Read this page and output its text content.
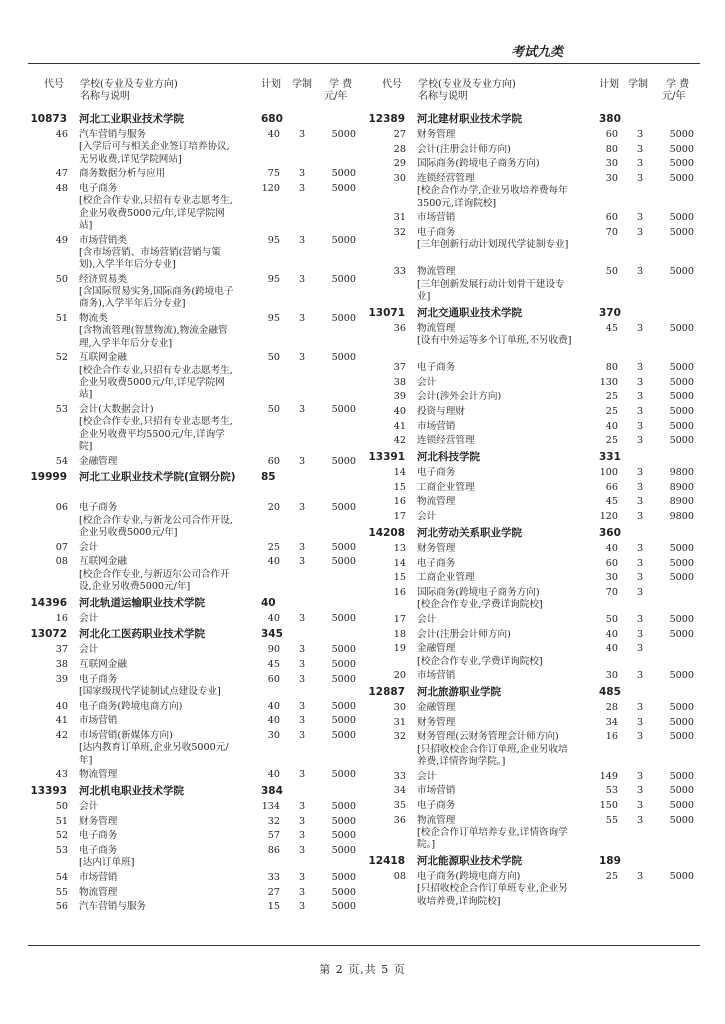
考试九类
代号 学校(专业及专业方向)
名称与说明
计划 学制 学 费
元/年
10873 河北工业职业技术学院	680
46 汽车营销与服务
[入学后可与相关企业签订培养协议,无另收费,详见学院网站]
40 3	5000
47 商务数据分析与应用	75 3	5000
48 电子商务
[校企合作专业,只招有专业志愿考生,企业另收费5000元/年,详见学院网站]
120 3	5000
49 市场营销类
[含市场营销、市场营销(营销与策划),入学半年后分专业]
95 3	5000
50 经济贸易类
[含国际贸易实务,国际商务(跨境电子商务),入学半年后分专业]
95 3	5000
51 物流类
[含物流管理(智慧物流),物流金融管理,入学半年后分专业]
95 3	5000
52 互联网金融
[校企合作专业,只招有专业志愿考生,企业另收费5000元/年,详见学院网站]
50 3	5000
53 会计(大数据会计)
[校企合作专业,只招有专业志愿考生,企业另收费平均5500元/年,详询学院]
50 3	5000
54 金融管理	60 3	5000
19999 河北工业职业技术学院(宣钢分院)	85
06 电子商务
[校企合作专业,与新龙公司合作开设,企业另收费5000元/年]
20 3	5000
07 会计	25 3	5000
08 互联网金融
[校企合作专业,与新迈尔公司合作开设,企业另收费5000元/年]
40 3	5000
14396 河北轨道运输职业技术学院	40
16 会计	40 3	5000
13072 河北化工医药职业技术学院	345
37 会计	90 3	5000
38 互联网金融	45 3	5000
39 电子商务
[国家级现代学徒制试点建设专业]
60 3	5000
40 电子商务(跨境电商方向)	40 3	5000
41 市场营销	40 3	5000
42 市场营销(新媒体方向)
[达内教育订单班,企业另收5000元/年]
30 3	5000
43 物流管理	40 3	5000
13393 河北机电职业技术学院	384
50 会计	134 3	5000
51 财务管理	32 3	5000
52 电子商务	57 3	5000
53 电子商务
[达内订单班]
86 3	5000
54 市场营销	33 3	5000
55 物流管理	27 3	5000
56 汽车营销与服务	15 3	5000
代号 学校(专业及专业方向)
名称与说明
计划 学制 学 费
元/年
12389 河北建材职业技术学院	380
27 财务管理	60 3	5000
28 会计(注册会计师方向)	80 3	5000
29 国际商务(跨境电子商务方向)	30 3	5000
30 连锁经营管理
[校企合作办学,企业另收培养费每年3500元,详询院校]
30 3	5000
31 市场营销	60 3	5000
32 电子商务
[三年创新行动计划现代学徒制专业]
70 3	5000
33 物流管理
[三年创新发展行动计划骨干建设专业]
50 3	5000
13071 河北交通职业技术学院	370
36 物流管理
[设有中外运等多个订单班,不另收费]
45 3	5000
37 电子商务	80 3	5000
38 会计	130 3	5000
39 会计(涉外会计方向)	25 3	5000
40 投资与理财	25 3	5000
41 市场营销	40 3	5000
42 连锁经营管理	25 3	5000
13391 河北科技学院	331
14 电子商务	100 3	9800
15 工商企业管理	66 3	8900
16 物流管理	45 3	8900
17 会计	120 3	9800
14208 河北劳动关系职业学院	360
13 财务管理	40 3	5000
14 电子商务	60 3	5000
15 工商企业管理	30 3	5000
16 国际商务(跨境电子商务方向)
[校企合作专业,学费详询院校]
70 3
17 会计	50 3	5000
18 会计(注册会计师方向)	40 3	5000
19 金融管理
[校企合作专业,学费详询院校]
40 3
20 市场营销	30 3	5000
12887 河北旅游职业学院	485
30 金融管理	28 3	5000
31 财务管理	34 3	5000
32 财务管理(云财务管理会计师方向)
[只招收校企合作订单班,企业另收培养费,详情咨询学院。]
16 3	5000
33 会计	149 3	5000
34 市场营销	53 3	5000
35 电子商务	150 3	5000
36 物流管理
[校企合作订单培养专业,详情咨询学院。]
55 3	5000
12418 河北能源职业技术学院	189
08 电子商务(跨境电商方向)
[只招收校企合作订单班专业,企业另收培养费,详询院校]
25 3	5000
第 2 页,共 5 页
